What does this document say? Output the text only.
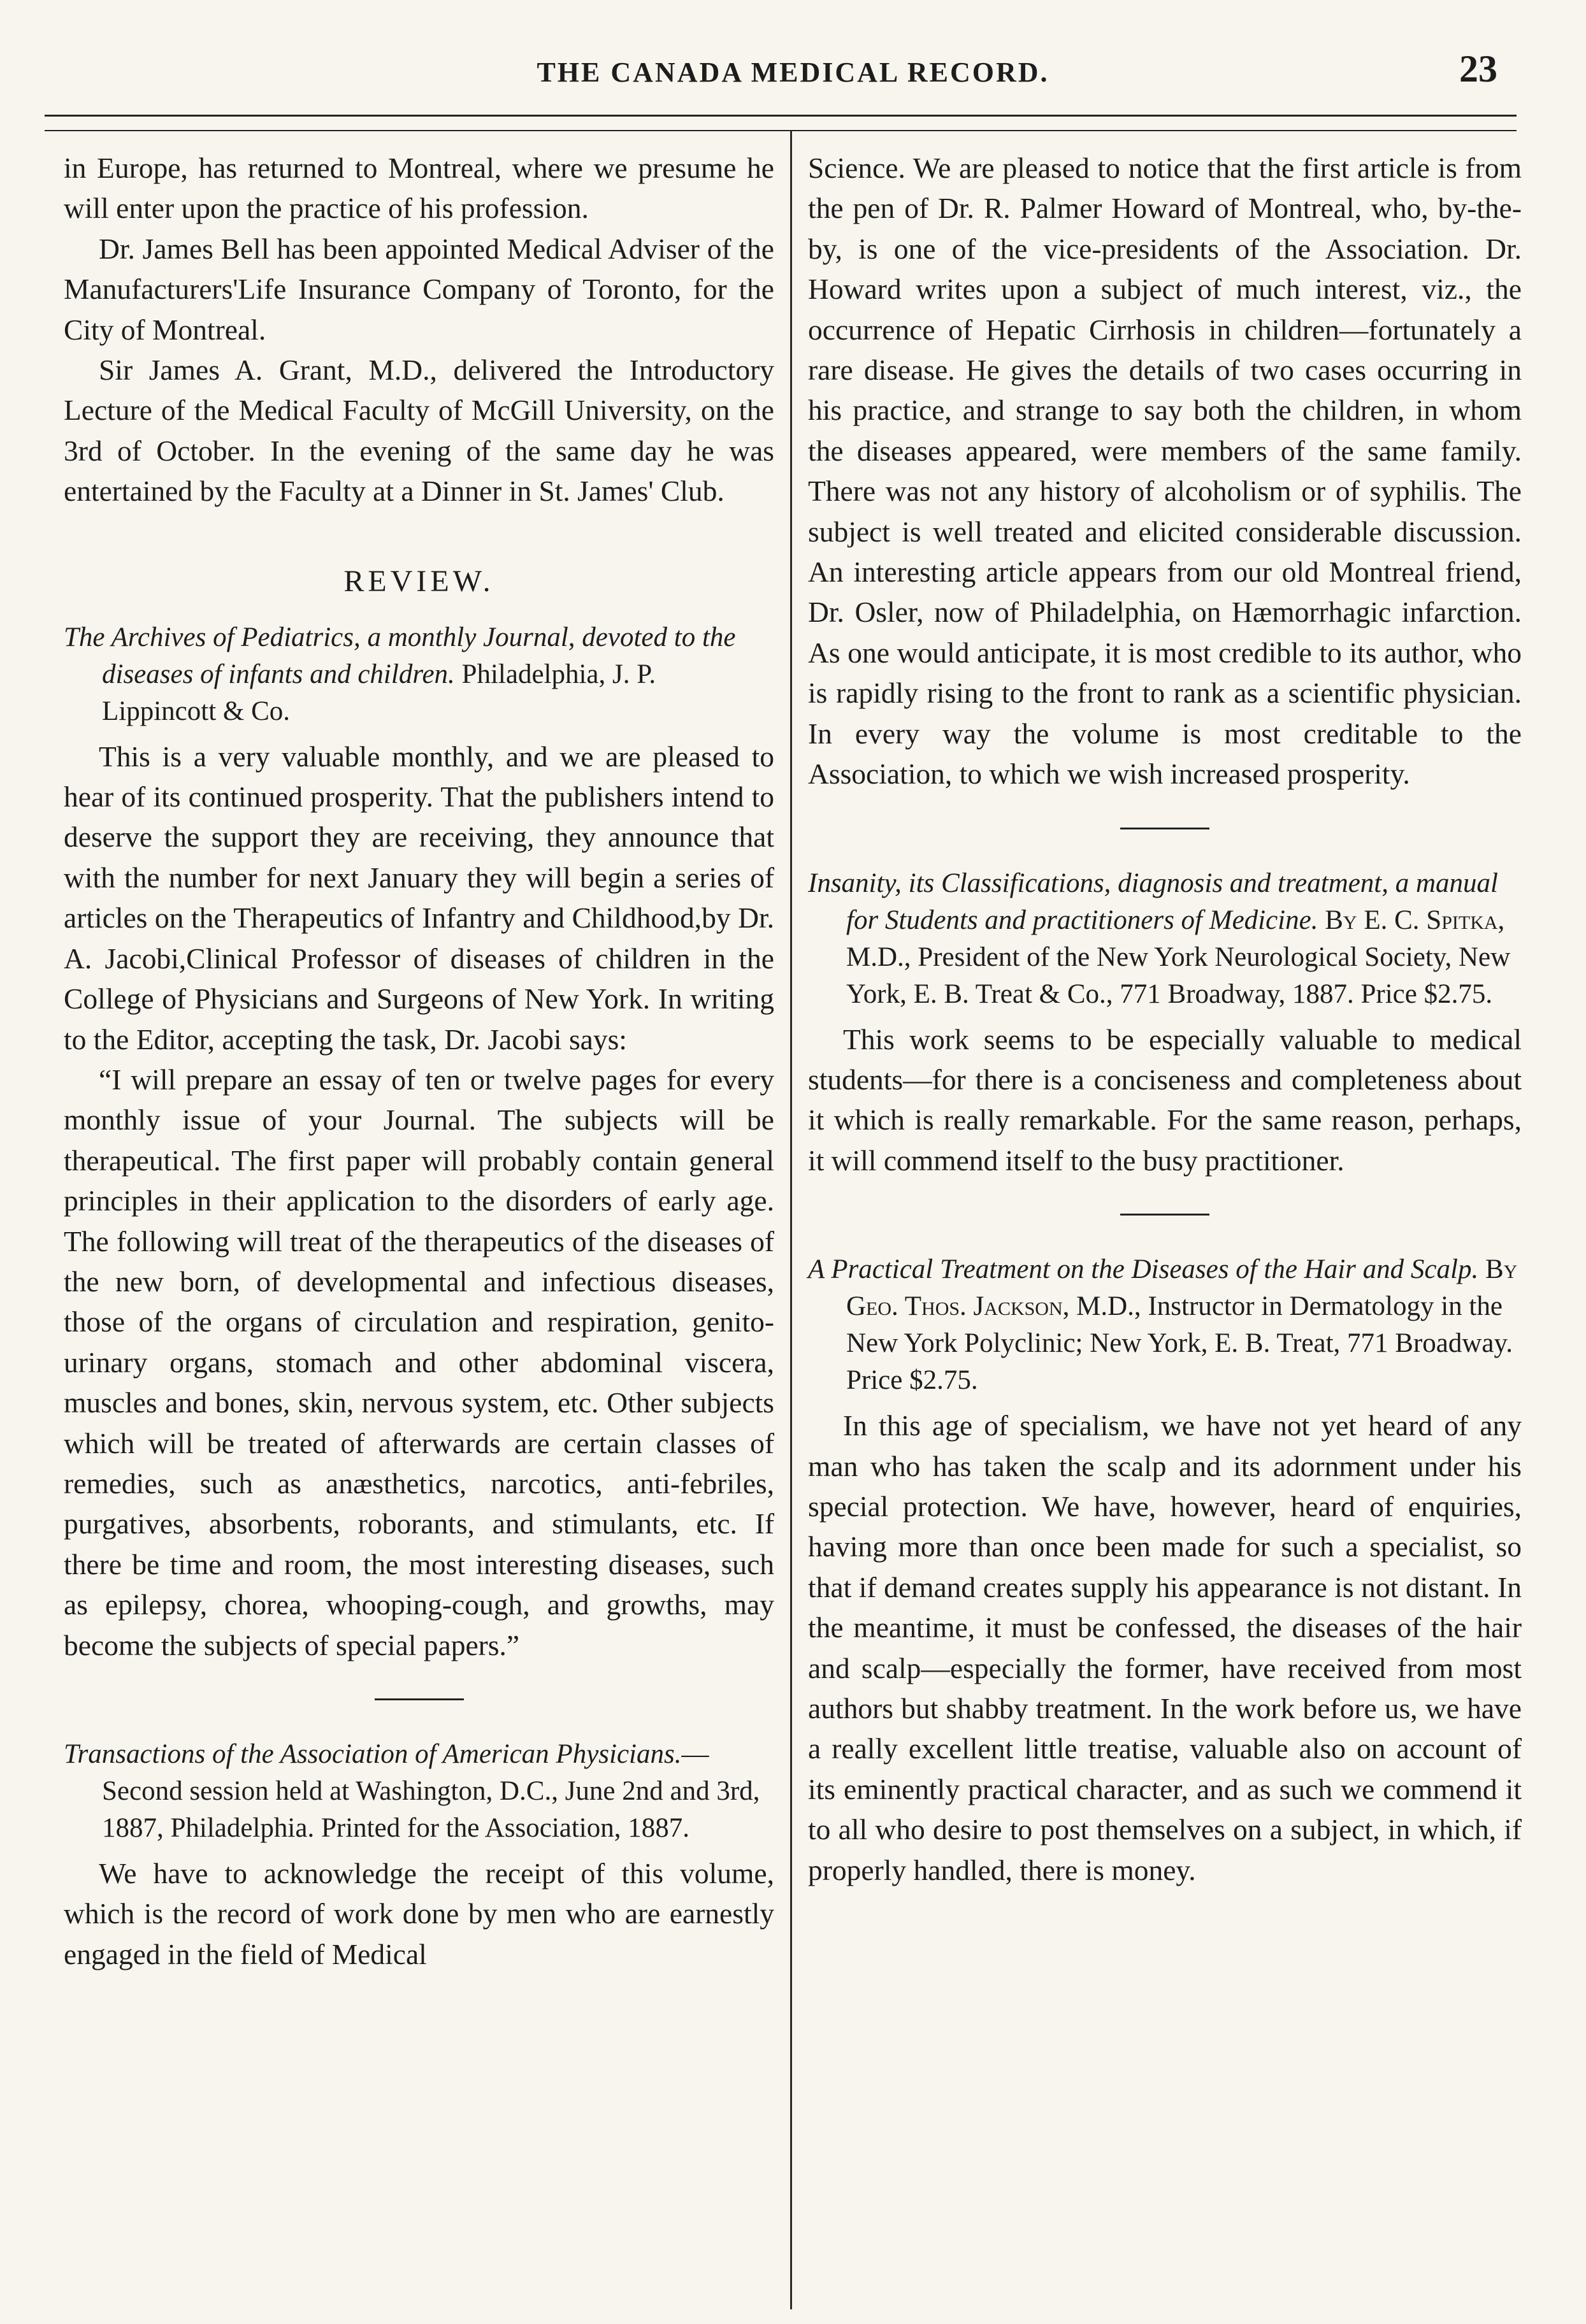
THE CANADA MEDICAL RECORD.	23

in Europe, has returned to Montreal, where we presume he will enter upon the practice of his profession.

Dr. James Bell has been appointed Medical Adviser of the Manufacturers'Life Insurance Company of Toronto, for the City of Montreal.

Sir James A. Grant, M.D., delivered the Introductory Lecture of the Medical Faculty of McGill University, on the 3rd of October. In the evening of the same day he was entertained by the Faculty at a Dinner in St. James' Club.

REVIEW.

The Archives of Pediatrics, a monthly Journal, devoted to the diseases of infants and children. Philadelphia, J. P. Lippincott & Co.

This is a very valuable monthly, and we are pleased to hear of its continued prosperity. That the publishers intend to deserve the support they are receiving, they announce that with the number for next January they will begin a series of articles on the Therapeutics of Infantry and Childhood,by Dr. A. Jacobi,Clinical Professor of diseases of children in the College of Physicians and Surgeons of New York. In writing to the Editor, accepting the task, Dr. Jacobi says:

“I will prepare an essay of ten or twelve pages for every monthly issue of your Journal. The subjects will be therapeutical. The first paper will probably contain general principles in their application to the disorders of early age. The following will treat of the therapeutics of the diseases of the new born, of developmental and infectious diseases, those of the organs of circulation and respiration, genito-urinary organs, stomach and other abdominal viscera, muscles and bones, skin, nervous system, etc. Other subjects which will be treated of afterwards are certain classes of remedies, such as anæsthetics, narcotics, anti-febriles, purgatives, absorbents, roborants, and stimulants, etc. If there be time and room, the most interesting diseases, such as epilepsy, chorea, whooping-cough, and growths, may become the subjects of special papers.”

Transactions of the Association of American Physicians.—Second session held at Washington, D.C., June 2nd and 3rd, 1887, Philadelphia. Printed for the Association, 1887.

We have to acknowledge the receipt of this volume, which is the record of work done by men who are earnestly engaged in the field of Medical

Science. We are pleased to notice that the first article is from the pen of Dr. R. Palmer Howard of Montreal, who, by-the-by, is one of the vice-presidents of the Association. Dr. Howard writes upon a subject of much interest, viz., the occurrence of Hepatic Cirrhosis in children—fortunately a rare disease. He gives the details of two cases occurring in his practice, and strange to say both the children, in whom the diseases appeared, were members of the same family. There was not any history of alcoholism or of syphilis. The subject is well treated and elicited considerable discussion. An interesting article appears from our old Montreal friend, Dr. Osler, now of Philadelphia, on Hæmorrhagic infarction. As one would anticipate, it is most credible to its author, who is rapidly rising to the front to rank as a scientific physician. In every way the volume is most creditable to the Association, to which we wish increased prosperity.

Insanity, its Classifications, diagnosis and treatment, a manual for Students and practitioners of Medicine. By E. C. Spitka, M.D., President of the New York Neurological Society, New York, E. B. Treat & Co., 771 Broadway, 1887. Price $2.75.

This work seems to be especially valuable to medical students—for there is a conciseness and completeness about it which is really remarkable. For the same reason, perhaps, it will commend itself to the busy practitioner.

A Practical Treatment on the Diseases of the Hair and Scalp. By Geo. Thos. Jackson, M.D., Instructor in Dermatology in the New York Polyclinic; New York, E. B. Treat, 771 Broadway. Price $2.75.

In this age of specialism, we have not yet heard of any man who has taken the scalp and its adornment under his special protection. We have, however, heard of enquiries, having more than once been made for such a specialist, so that if demand creates supply his appearance is not distant. In the meantime, it must be confessed, the diseases of the hair and scalp—especially the former, have received from most authors but shabby treatment. In the work before us, we have a really excellent little treatise, valuable also on account of its eminently practical character, and as such we commend it to all who desire to post themselves on a subject, in which, if properly handled, there is money.
